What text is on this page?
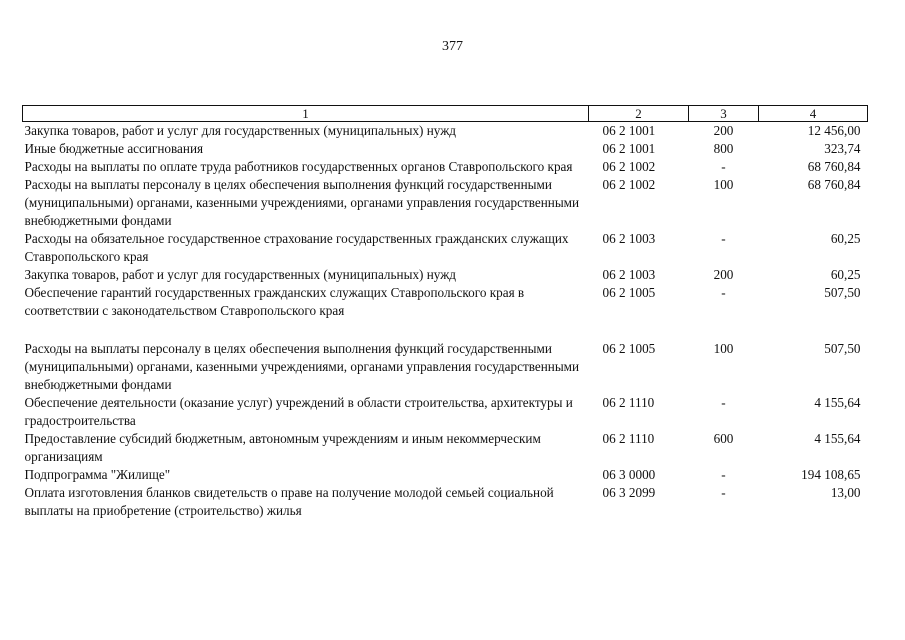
377
1	2	3	4
Закупка товаров, работ и услуг для государственных (муниципальных) нужд	06 2 1001	200	12 456,00
Иные бюджетные ассигнования	06 2 1001	800	323,74
Расходы на выплаты по оплате труда работников государственных органов Ставропольского края	06 2 1002	-	68 760,84
Расходы на выплаты персоналу в целях обеспечения выполнения функций государственными (муниципальными) органами, казенными учреждениями, органами управления государственными внебюджетными фондами	06 2 1002	100	68 760,84
Расходы на обязательное государственное страхование государственных гражданских служащих Ставропольского края	06 2 1003	-	60,25
Закупка товаров, работ и услуг для государственных (муниципальных) нужд	06 2 1003	200	60,25
Обеспечение гарантий государственных гражданских служащих Ставропольского края в соответствии с законодательством Ставропольского края	06 2 1005	-	507,50

Расходы на выплаты персоналу в целях обеспечения выполнения функций государственными (муниципальными) органами, казенными учреждениями, органами управления государственными внебюджетными фондами	06 2 1005	100	507,50
Обеспечение деятельности (оказание услуг) учреждений в области строительства, архитектуры и градостроительства	06 2 1110	-	4 155,64
Предоставление субсидий бюджетным, автономным учреждениям и иным некоммерческим организациям	06 2 1110	600	4 155,64
Подпрограмма "Жилище"	06 3 0000	-	194 108,65
Оплата изготовления бланков свидетельств о праве на получение молодой семьей социальной выплаты на приобретение (строительство) жилья	06 3 2099	-	13,00
